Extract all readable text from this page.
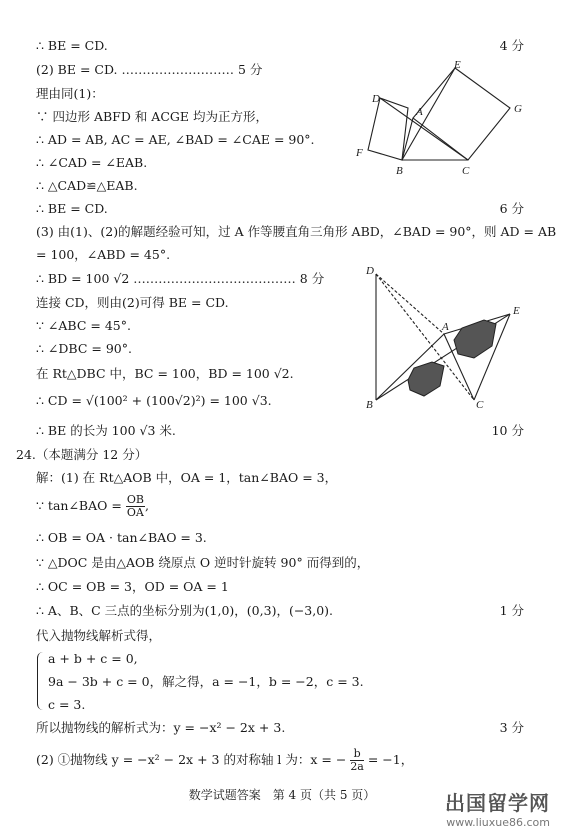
∴ BE = CD.	4 分
(2) BE = CD. ……………………… 5 分
理由同(1)：
∵ 四边形 ABFD 和 ACGE 均为正方形，
∴ AD = AB, AC = AE, ∠BAD = ∠CAE = 90°.
∴ ∠CAD = ∠EAB.
∴ △CAD≌△EAB.
∴ BE = CD.	6 分
(3) 由(1)、(2)的解题经验可知，过 A 作等腰直角三角形 ABD，∠BAD = 90°，则 AD = AB
= 100，∠ABD = 45°.
∴ BD = 100 √2 ………………………………… 8 分
连接 CD，则由(2)可得 BE = CD.
∵ ∠ABC = 45°.
∴ ∠DBC = 90°.
在 Rt△DBC 中，BC = 100，BD = 100 √2.
∴ CD = √(100² + (100√2)²) = 100 √3.
∴ BE 的长为 100 √3 米.	10 分
E
D
A	G
F
B	C
D
A
E
B	C
24.（本题满分 12 分）
解：(1) 在 Rt△AOB 中，OA = 1，tan∠BAO = 3，
∵ tan∠BAO = $\frac{OB}{OA}$ ,
∴ OB = OA · tan∠BAO = 3.
∵ △DOC 是由△AOB 绕原点 O 逆时针旋转 90° 而得到的，
∴ OC = OB = 3，OD = OA = 1
∴ A、B、C 三点的坐标分别为(1,0)，(0,3)，(−3,0).	1 分
代入抛物线解析式得，
a + b + c = 0,
9a − 3b + c = 0，解之得，a = −1，b = −2，c = 3.
c = 3.
所以抛物线的解析式为：y = −x² − 2x + 3.	3 分
(2) ①抛物线 y = −x² − 2x + 3 的对称轴 l 为：x = − $\frac{b}{2a} = -1$，
数学试题答案　第 4 页（共 5 页）	出国留学网
www.liuxue86.com
